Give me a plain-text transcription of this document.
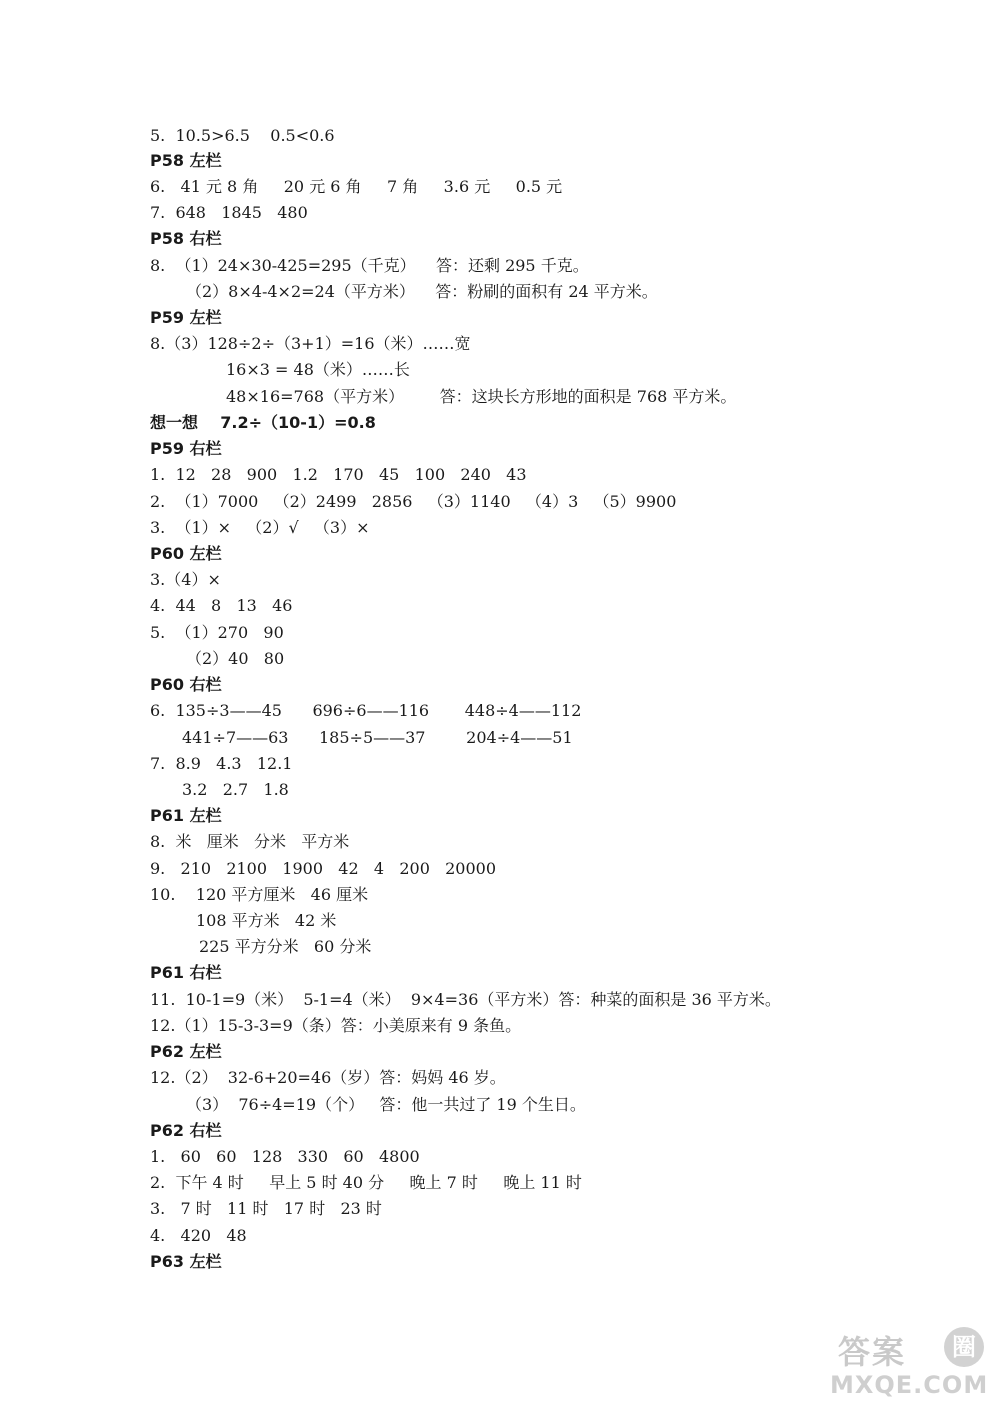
5.  10.5>6.5    0.5<0.6

P58 左栏

6.   41 元 8 角     20 元 6 角     7 角     3.6 元     0.5 元

7.  648   1845   480

P58 右栏

8.  （1）24×30-425=295（千克）    答：还剩 295 千克。

（2）8×4-4×2=24（平方米）    答：粉刷的面积有 24 平方米。

P59 左栏

8.（3）128÷2÷（3+1）=16（米）……宽

16×3 = 48（米）……长

48×16=768（平方米）       答：这块长方形地的面积是 768 平方米。

想一想    7.2÷（10-1）=0.8

P59 右栏

1.  12   28   900   1.2   170   45   100   240   43

2.  （1）7000   （2）2499   2856   （3）1140   （4）3   （5）9900

3.  （1）×   （2）√   （3）×

P60 左栏

3.（4）×

4.  44   8   13   46

5.  （1）270   90

（2）40   80

P60 右栏

6.  135÷3——45      696÷6——116       448÷4——112

441÷7——63      185÷5——37        204÷4——51

7.  8.9   4.3   12.1

3.2   2.7   1.8

P61 左栏

8.  米   厘米   分米   平方米

9.   210   2100   1900   42   4   200   20000

10.    120 平方厘米   46 厘米

108 平方米   42 米

225 平方分米   60 分米

P61 右栏

11.  10-1=9（米）  5-1=4（米）  9×4=36（平方米）答：种菜的面积是 36 平方米。

12.（1）15-3-3=9（条）答：小美原来有 9 条鱼。

P62 左栏

12.（2）  32-6+20=46（岁）答：妈妈 46 岁。

（3）  76÷4=19（个）   答：他一共过了 19 个生日。

P62 右栏

1.   60   60   128   330   60   4800

2.  下午 4 时     早上 5 时 40 分     晚上 7 时     晚上 11 时

3.   7 时   11 时   17 时   23 时

4.   420   48

P63 左栏

答案	圈
MXQE.COM
